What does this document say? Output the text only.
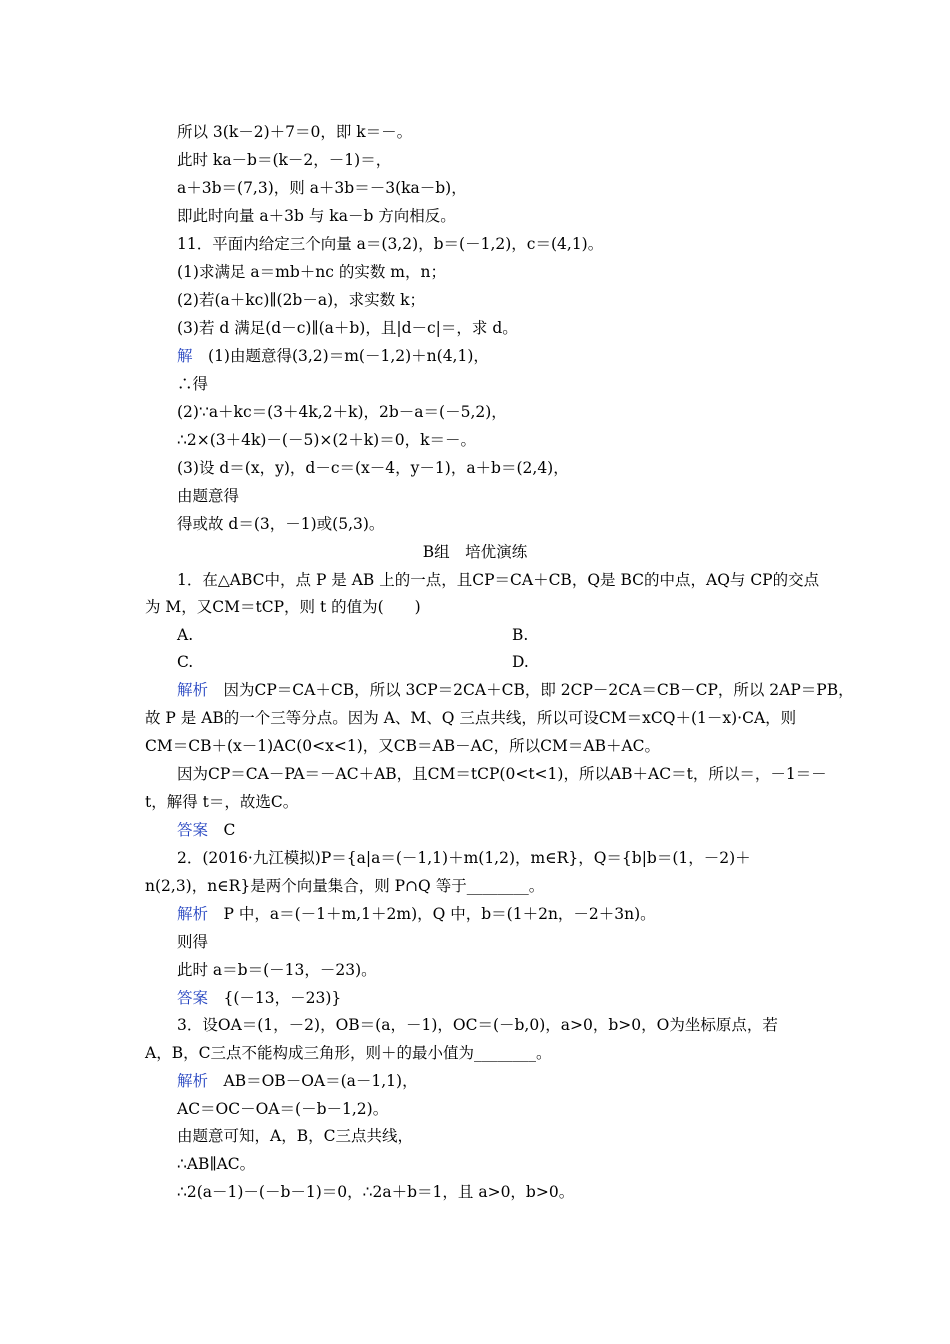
所以 3(k－2)＋7＝0，即 k＝－。
此时 ka－b＝(k－2，－1)＝，
a＋3b＝(7,3)，则 a＋3b＝－3(ka－b)，
即此时向量 a＋3b 与 ka－b 方向相反。
11．平面内给定三个向量 a＝(3,2)，b＝(－1,2)，c＝(4,1)。
(1)求满足 a＝mb＋nc 的实数 m，n；
(2)若(a＋kc)∥(2b－a)，求实数 k；
(3)若 d 满足(d－c)∥(a＋b)，且|d－c|＝，求 d。
解　(1)由题意得(3,2)＝m(－1,2)＋n(4,1)，
∴得
(2)∵a＋kc＝(3＋4k,2＋k)，2b－a＝(－5,2)，
∴2×(3＋4k)－(－5)×(2＋k)＝0，k＝－。
(3)设 d＝(x，y)，d－c＝(x－4，y－1)，a＋b＝(2,4)，
由题意得
得或故 d＝(3，－1)或(5,3)。
B组　培优演练
1．在△ABC中，点 P 是 AB 上的一点，且CP＝CA＋CB，Q是 BC的中点，AQ与 CP的交点
为 M，又CM＝tCP，则 t 的值为(　　)
A.	B.
C.	D.
解析　因为CP＝CA＋CB，所以 3CP＝2CA＋CB，即 2CP－2CA＝CB－CP，所以 2AP＝PB，
故 P 是 AB的一个三等分点。因为 A、M、Q 三点共线，所以可设CM＝xCQ＋(1－x)·CA，则
CM＝CB＋(x－1)AC(0<x<1)，又CB＝AB－AC，所以CM＝AB＋AC。
因为CP＝CA－PA＝－AC＋AB，且CM＝tCP(0<t<1)，所以AB＋AC＝t，所以＝，－1＝－
t，解得 t＝，故选C。
答案　C
2．(2016·九江模拟)P＝{a|a＝(－1,1)＋m(1,2)，m∈R}，Q＝{b|b＝(1，－2)＋
n(2,3)，n∈R}是两个向量集合，则 P∩Q 等于________。
解析　P 中，a＝(－1＋m,1＋2m)，Q 中，b＝(1＋2n，－2＋3n)。
则得
此时 a＝b＝(－13，－23)。
答案　{(－13，－23)}
3．设OA＝(1，－2)，OB＝(a，－1)，OC＝(－b,0)，a>0，b>0，O为坐标原点，若
A，B，C三点不能构成三角形，则＋的最小值为________。
解析　AB＝OB－OA＝(a－1,1)，
AC＝OC－OA＝(－b－1,2)。
由题意可知，A，B，C三点共线，
∴AB∥AC。
∴2(a－1)－(－b－1)＝0，∴2a＋b＝1，且 a>0，b>0。
